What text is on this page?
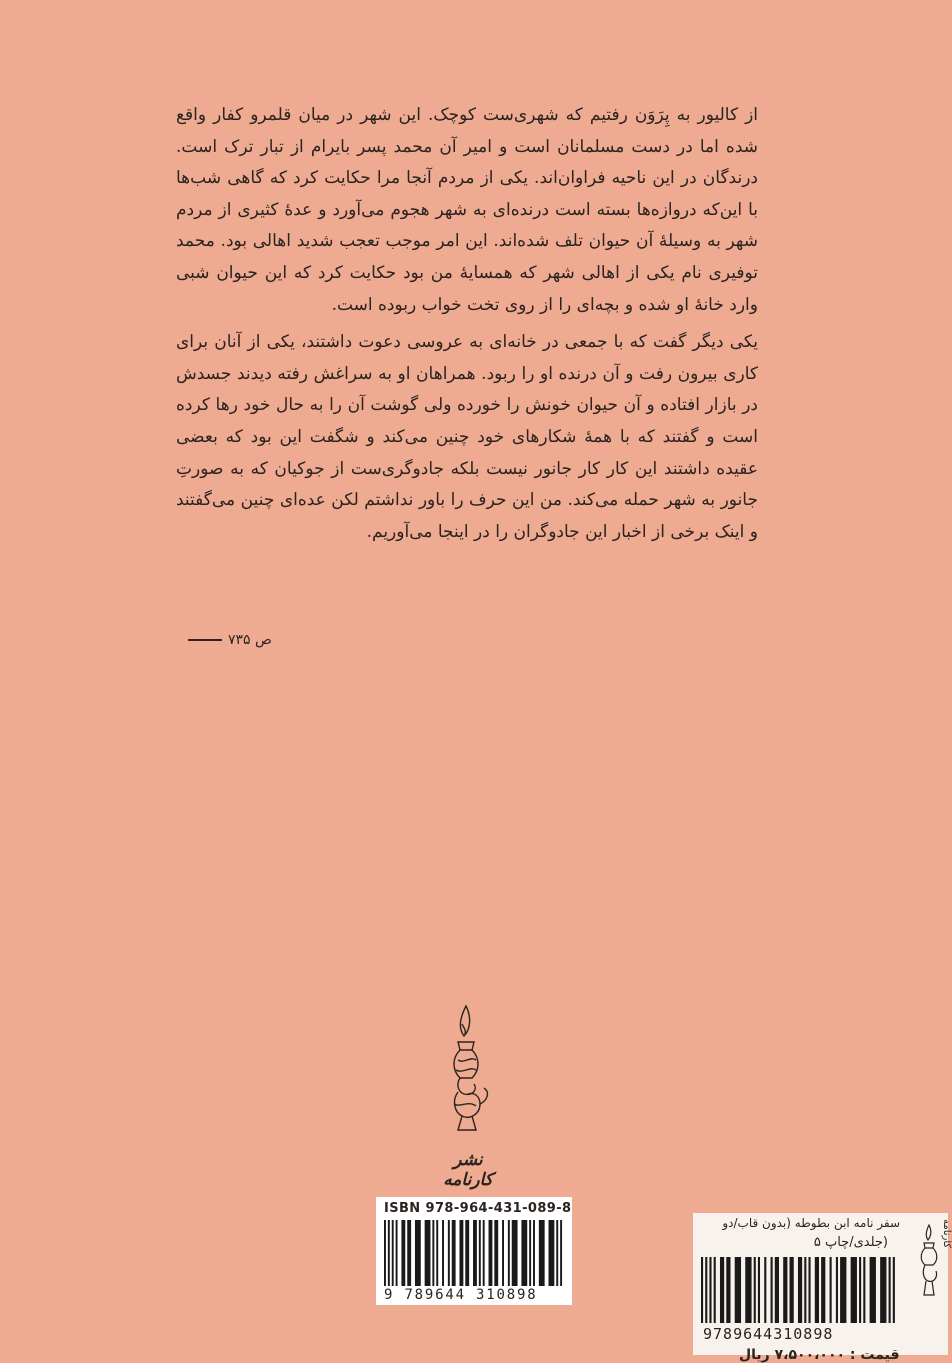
از کالیور به پِرَوَن رفتیم که شهری‌ست کوچک. این شهر در میان قلمرو کفار واقع شده اما در دست مسلمانان است و امیر آن محمد پسر بایرام از تبار ترک است. درندگان در این ناحیه فراوان‌اند. یکی از مردم آنجا مرا حکایت کرد که گاهی شب‌ها با این‌که دروازه‌ها بسته است درنده‌ای به شهر هجوم می‌آورد و عدهٔ کثیری از مردم شهر به وسیلهٔ آن حیوان تلف شده‌اند. این امر موجب تعجب شدید اهالی بود. محمد توفیری نام یکی از اهالی شهر که همسایهٔ من بود حکایت کرد که این حیوان شبی وارد خانهٔ او شده و بچه‌ای را از روی تخت خواب ربوده است.

یکی دیگر گفت که با جمعی در خانه‌ای به عروسی دعوت داشتند، یکی از آنان برای کاری بیرون رفت و آن درنده او را ربود. همراهان او به سراغش رفته دیدند جسدش در بازار افتاده و آن حیوان خونش را خورده ولی گوشت آن را به حال خود رها کرده است و گفتند که با همهٔ شکارهای خود چنین می‌کند و شگفت این بود که بعضی عقیده داشتند این کار کار جانور نیست بلکه جادوگری‌ست از جوکیان که به صورتِ جانور به شهر حمله می‌کند. من این حرف را باور نداشتم لکن عده‌ای چنین می‌گفتند و اینک برخی از اخبار این جادوگران را در اینجا می‌آوریم.

ص ۷۳۵
نشر کارنامه
ISBN 978-964-431-089-8
9 789644 310898
سفر نامه ابن بطوطه (بدون قاب/دو
(جلدی/چاپ ۵	کارنامه
9789644310898
قیمت : ۷،۵۰۰،۰۰۰ ریال
